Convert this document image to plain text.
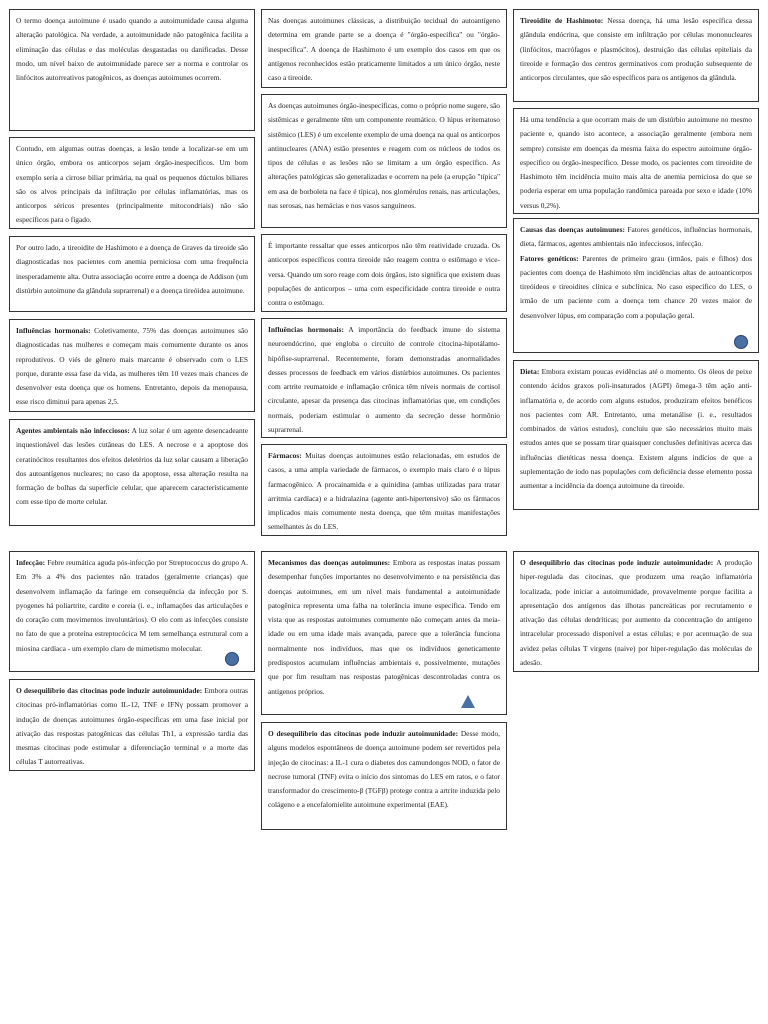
O termo doença autoimune é usado quando a autoimunidade causa alguma alteração patológica. Na verdade, a autoimunidade não patogênica facilita a eliminação das células e das moléculas desgastadas ou danificadas. Desse modo, um nível baixo de autoimunidade parece ser a norma e controlar os linfócitos autorreativos patogênicos, as doenças autoimunes ocorrem.
Contudo, em algumas outras doenças, a lesão tende a localizar-se em um único órgão, embora os anticorpos sejam órgão-inespecíficos. Um bom exemplo seria a cirrose biliar primária, na qual os pequenos dúctulos biliares são os alvos principais da infiltração por células inflamatórias, mas os anticorpos séricos presentes (principalmente mitocondriais) não são específicos para o fígado.
Por outro lado, a tireoidite de Hashimoto e a doença de Graves da tireoide são diagnosticadas nos pacientes com anemia perniciosa com uma frequência inesperadamente alta. Outra associação ocorre entre a doença de Addison (um distúrbio autoimune da glândula suprarrenal) e a doença tireóidea autoimune.
Influências hormonais: Coletivamente, 75% das doenças autoimunes são diagnosticadas nas mulheres e começam mais comumente durante os anos reprodutivos. O viés de gênero mais marcante é observado com o LES porque, durante essa fase da vida, as mulheres têm 10 vezes mais chances de desenvolver esta doença que os homens. Entretanto, depois da menopausa, esse risco diminui para apenas 2,5.
Agentes ambientais não infecciosos: A luz solar é um agente desencadeante inquestionável das lesões cutâneas do LES. A necrose e a apoptose dos ceratinócitos resultantes dos efeitos deletérios da luz solar causam a liberação dos autoantígenos nucleares; no caso da apoptose, essa alteração resulta na formação de bolhas da superfície celular, que aparecem característicamente com esse tipo de morte celular.
Infecção: Febre reumática aguda pós-infecção por Streptococcus do grupo A. Em 3% a 4% dos pacientes não tratados (geralmente crianças) que desenvolvem inflamação da faringe em consequência da infecção por S. pyogenes há poliartrite, cardite e coreia (i. e., inflamações das articulações e do coração com movimentos involuntários). O elo com as infecções consiste no fato de que a proteína estreptocócica M tem semelhança estrutural com a miosina cardíaca - um exemplo claro de mimetismo molecular.
O desequilíbrio das citocinas pode induzir autoimunidade: Embora outras citocinas pró-inflamatórias como IL-12, TNF e IFNγ possam promover a indução de doenças autoimunes órgão-específicas em uma fase inicial por ativação das respostas patogênicas das células Th1, a expressão tardia das mesmas citocinas pode estimular a diferenciação terminal e a morte das células T autorreativas.
Nas doenças autoimunes clássicas, a distribuição tecidual do autoantígeno determina em grande parte se a doença é "órgão-específica" ou "órgão-inespecífica". A doença de Hashimoto é um exemplo dos casos em que os antígenos reconhecidos estão praticamente limitados a um único órgão, neste caso a tireoide.
As doenças autoimunes órgão-inespecíficas, como o próprio nome sugere, são sistêmicas e geralmente têm um componente reumático. O lúpus eritematoso sistêmico (LES) é um excelente exemplo de uma doença na qual os anticorpos antinucleares (ANA) estão presentes e reagem com os núcleos de todos os tipos de células e as lesões não se limitam a um órgão específico. As alterações patológicas são generalizadas e ocorrem na pele (a erupção "típica" em asa de borboleta na face é típica), nos glomérulos renais, nas articulações, nas serosas, nas hemácias e nos vasos sanguíneos.
É importante ressaltar que esses anticorpos não têm reatividade cruzada. Os anticorpos específicos contra tireoide não reagem contra o estômago e vice-versa. Quando um soro reage com dois órgãos, isto significa que existem duas populações de anticorpos – uma com especificidade contra tireoide e outra contra o estômago.
Influências hormonais: A importância do feedback imune do sistema neuroendócrino, que engloba o circuito de controle citocina-hipotálamo-hipófise-suprarrenal. Recentemente, foram demonstradas anormalidades desses processos de feedback em vários distúrbios autoimunes. Os pacientes com artrite reumatoide e inflamação crônica têm níveis normais de cortisol circulante, apesar da presença das citocinas inflamatórias que, em condições normais, poderiam estimular o aumento da secreção desse hormônio suprarrenal.
Fármacos: Muitas doenças autoimunes estão relacionadas, em estudos de casos, a uma ampla variedade de fármacos, o exemplo mais claro é o lúpus farmacogênico. A procainamida e a quinidina (ambas utilizadas para tratar arritmia cardíaca) e a hidralazina (agente anti-hipertensivo) são os fármacos implicados mais comumente nesta doença, que têm muitas manifestações semelhantes às do LES.
Mecanismos das doenças autoimunes: Embora as respostas inatas possam desempenhar funções importantes no desenvolvimento e na persistência das doenças autoimunes, em um nível mais fundamental a autoimunidade patogênica representa uma falha na tolerância imune específica. Tendo em vista que as respostas autoimunes comumente não começam antes da meia-idade ou em uma idade mais avançada, parece que a tolerância funciona normalmente nos indivíduos, mas que os indivíduos geneticamente predispostos acumulam influências ambientais e, possivelmente, mutações que por fim resultam nas respostas patogênicas descontroladas contra os antígenos próprios.
O desequilíbrio das citocinas pode induzir autoimunidade: Desse modo, alguns modelos espontâneos de doença autoimune podem ser revertidos pela injeção de citocinas: a IL-1 cura o diabetes dos camundongos NOD, o fator de necrose tumoral (TNF) evita o início dos sintomas do LES em ratos, e o fator transformador do crescimento-β (TGFβ) protege contra a artrite induzida pelo colágeno e a encefalomielite autoimune experimental (EAE).
Tireoidite de Hashimoto: Nessa doença, há uma lesão específica dessa glândula endócrina, que consiste em infiltração por células mononucleares (linfócitos, macrófagos e plasmócitos), destruição das células epiteliais da tireoide e formação dos centros germinativos com produção subsequente de anticorpos circulantes, que são específicos para os antígenos da glândula.
Há uma tendência a que ocorram mais de um distúrbio autoimune no mesmo paciente e, quando isto acontece, a associação geralmente (embora nem sempre) consiste em doenças da mesma faixa do espectro autoimune órgão-específico ou órgão-inespecífico. Desse modo, os pacientes com tireoidite de Hashimoto têm incidência muito mais alta de anemia perniciosa do que se poderia esperar em uma população randômica pareada por sexo e idade (10% versus 0,2%).
Causas das doenças autoimunes: Fatores genéticos, influências hormonais, dieta, fármacos, agentes ambientais não infecciosos, infecção.
Fatores genéticos: Parentes de primeiro grau (irmãos, pais e filhos) dos pacientes com doença de Hashimoto têm incidências altas de autoanticorpos tireóideos e tireoidites clínica e subclínica. No caso específico do LES, o irmão de um paciente com a doença tem chance 20 vezes maior de desenvolver lúpus, em comparação com a população geral.
Dieta: Embora existam poucas evidências até o momento. Os óleos de peixe contendo ácidos graxos poli-insaturados (AGPI) ômega-3 têm ação anti-inflamatória e, de acordo com alguns estudos, produziram efeitos benéficos nos pacientes com AR. Entretanto, uma metanálise (i. e., resultados combinados de vários estudos), concluiu que são necessários muito mais estudos antes que se possam tirar quaisquer conclusões definitivas acerca das influências dietéticas nessa doença. Existem alguns indícios de que a suplementação de iodo nas populações com deficiência desse elemento possa aumentar a incidência da doença autoimune da tireoide.
O desequilíbrio das citocinas pode induzir autoimunidade: A produção hiper-regulada das citocinas, que produzem uma reação inflamatória localizada, pode iniciar a autoimunidade, provavelmente porque facilita a apresentação dos antígenos das ilhotas pancreáticas por recrutamento e ativação das células dendríticas; por aumento da concentração do antígeno intracelular processado disponível a estas células; e por acentuação de sua avidez pelas células T virgens (naive) por hiper-regulação das moléculas de adesão.
